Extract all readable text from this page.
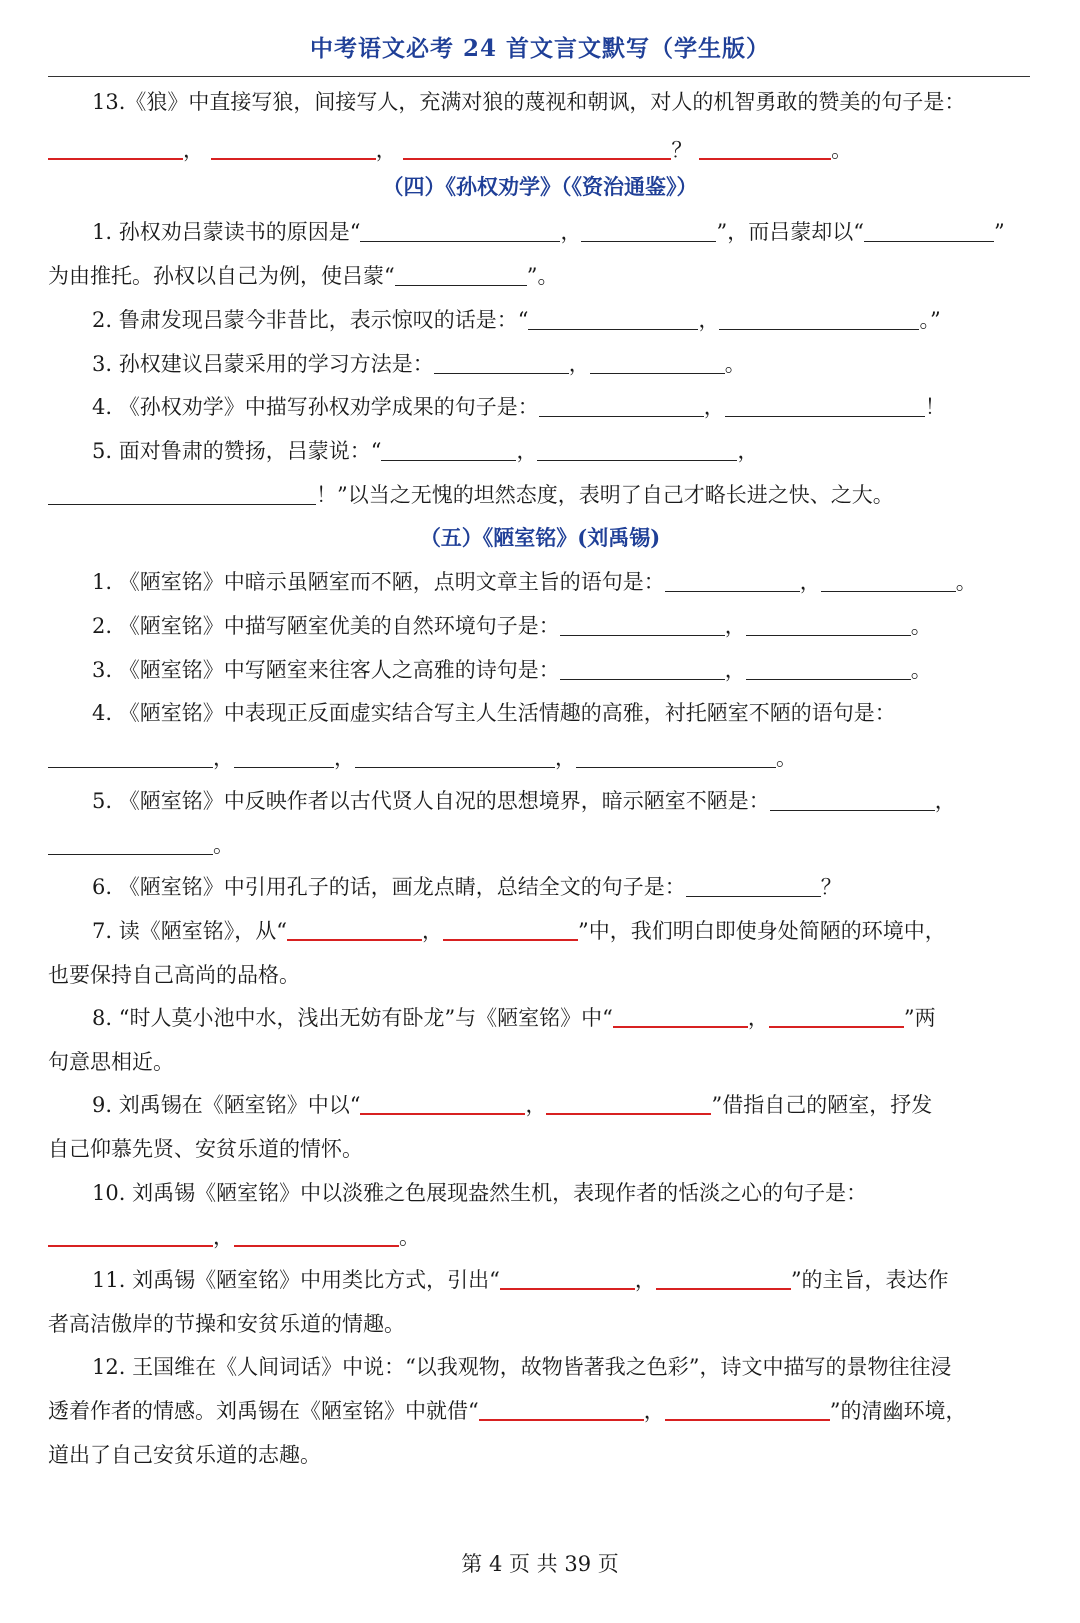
中考语文必考 24 首文言文默写（学生版）
13.《狼》中直接写狼，间接写人，充满对狼的蔑视和朝讽，对人的机智勇敢的赞美的句子是：
，	，	？	。
（四）《孙权劝学》（《资治通鉴》）
1. 孙权劝吕蒙读书的原因是“	，	”，而吕蒙却以“	”
为由推托。孙权以自己为例，使吕蒙“	”。
2. 鲁肃发现吕蒙今非昔比，表示惊叹的话是：“	，	。”
3. 孙权建议吕蒙采用的学习方法是：	，	。
4. 《孙权劝学》中描写孙权劝学成果的句子是：	，	！
5. 面对鲁肃的赞扬，吕蒙说：“	，	，
！”以当之无愧的坦然态度，表明了自己才略长进之快、之大。
（五）《陋室铭》(刘禹锡)
1. 《陋室铭》中暗示虽陋室而不陋，点明文章主旨的语句是：	，	。
2. 《陋室铭》中描写陋室优美的自然环境句子是：	，	。
3. 《陋室铭》中写陋室来往客人之高雅的诗句是：	，	。
4. 《陋室铭》中表现正反面虚实结合写主人生活情趣的高雅，衬托陋室不陋的语句是：
，	，	，	。
5. 《陋室铭》中反映作者以古代贤人自况的思想境界，暗示陋室不陋是：	，
。
6. 《陋室铭》中引用孔子的话，画龙点睛，总结全文的句子是：	？
7. 读《陋室铭》，从“	，	”中，我们明白即使身处简陋的环境中，
也要保持自己高尚的品格。
8. “时人莫小池中水，浅出无妨有卧龙”与《陋室铭》中“	，	”两
句意思相近。
9. 刘禹锡在《陋室铭》中以“	，	”借指自己的陋室，抒发
自己仰慕先贤、安贫乐道的情怀。
10. 刘禹锡《陋室铭》中以淡雅之色展现盎然生机，表现作者的恬淡之心的句子是：
，	。
11. 刘禹锡《陋室铭》中用类比方式，引出“	，	”的主旨，表达作
者高洁傲岸的节操和安贫乐道的情趣。
12. 王国维在《人间词话》中说：“以我观物，故物皆著我之色彩”，诗文中描写的景物往往浸
透着作者的情感。刘禹锡在《陋室铭》中就借“	，	”的清幽环境，
道出了自己安贫乐道的志趣。
第 4 页 共 39 页
